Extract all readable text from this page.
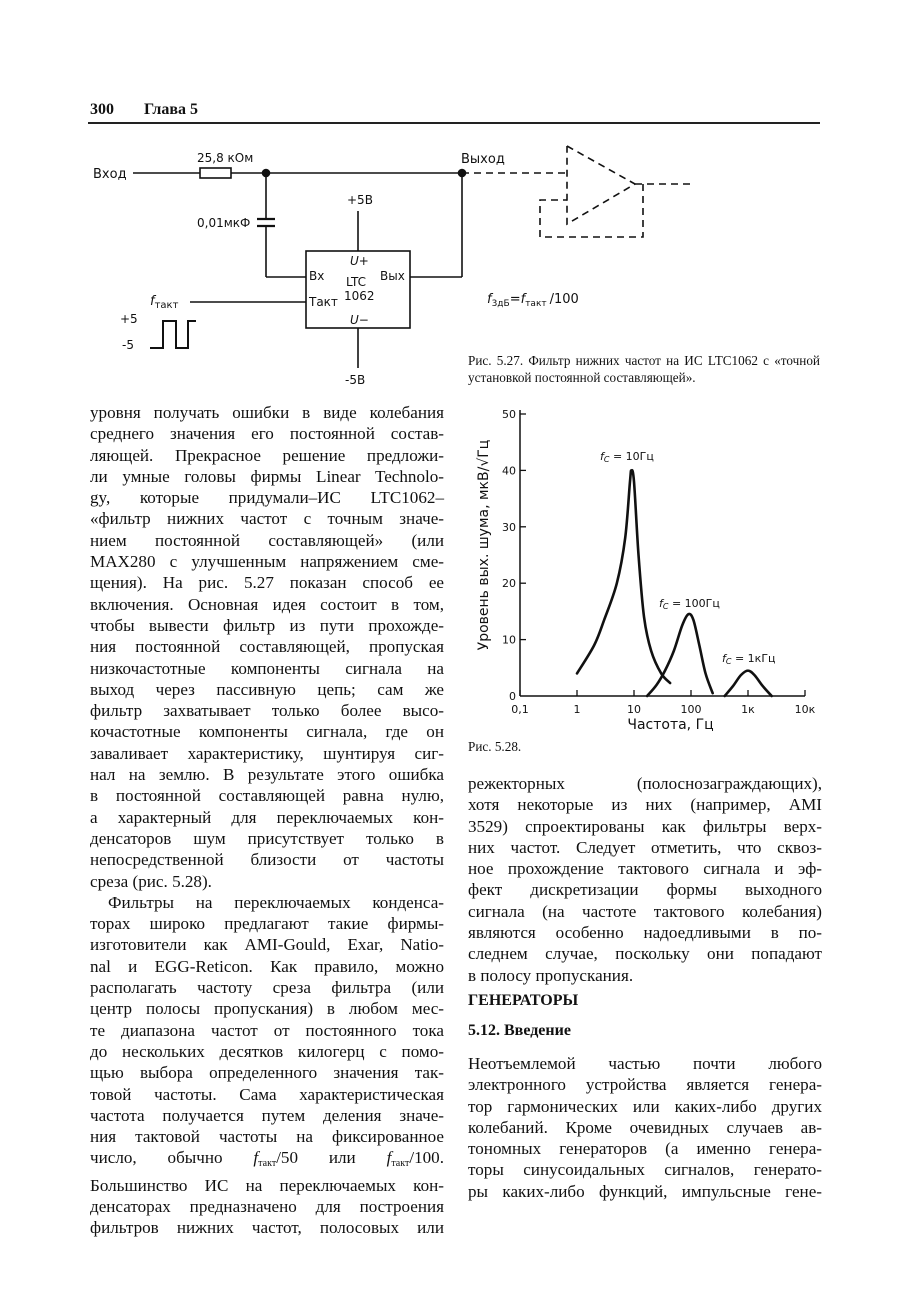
300 Глава 5
Вход
25,8 кОм	Выход
0,01мкФ
+5В
-5В
U+
U−
Вх
Такт
Вых
LTC
1062
$f_{такт}$
+5
-5
$f_{3дБ}=f_{такт}$ /100
Рис. 5.27. Фильтр нижних частот на ИС LTC1062 с «точной установкой постоянной составляющей».
0,1	1	10	100	1к	10к
0
10
20
30
40
50
Частота, Гц
Уровень вых. шума, мкВ/√Гц	fC = 10Гц
fC = 100Гц
fC = 1кГц
Рис. 5.28.
уровня получать ошибки в виде колебания
среднего значения его постоянной состав-
ляющей. Прекрасное решение предложи-
ли умные головы фирмы Linear Technolo-
gy, которые придумали–ИС LTC1062–
«фильтр нижних частот с точным значе-
нием постоянной составляющей» (или
MAX280 с улучшенным напряжением сме-
щения). На рис. 5.27 показан способ ее
включения. Основная идея состоит в том,
чтобы вывести фильтр из пути прохожде-
ния постоянной составляющей, пропуская
низкочастотные компоненты сигнала на
выход через пассивную цепь; сам же
фильтр захватывает только более высо-
кочастотные компоненты сигнала, где он
заваливает характеристику, шунтируя сиг-
нал на землю. В результате этого ошибка
в постоянной составляющей равна нулю,
а характерный для переключаемых кон-
денсаторов шум присутствует только в
непосредственной близости от частоты
среза (рис. 5.28).
Фильтры на переключаемых конденса-
торах широко предлагают такие фирмы-
изготовители как AMI-Gould, Exar, Natio-
nal и EGG-Reticon. Как правило, можно
располагать частоту среза фильтра (или
центр полосы пропускания) в любом мес-
те диапазона частот от постоянного тока
до нескольких десятков килогерц с помо-
щью выбора определенного значения так-
товой частоты. Сама характеристическая
частота получается путем деления значе-
ния тактовой частоты на фиксированное
число, обычно $f_{такт}/50$ или $f_{такт}/100$.
Большинство ИС на переключаемых кон-
денсаторах предназначено для построения
фильтров нижних частот, полосовых или
режекторных (полоснозаграждающих),
хотя некоторые из них (например, AMI
3529) спроектированы как фильтры верх-
них частот. Следует отметить, что сквоз-
ное прохождение тактового сигнала и эф-
фект дискретизации формы выходного
сигнала (на частоте тактового колебания)
являются особенно надоедливыми в по-
следнем случае, поскольку они попадают
в полосу пропускания.
ГЕНЕРАТОРЫ
5.12. Введение
Неотъемлемой частью почти любого
электронного устройства является генера-
тор гармонических или каких-либо других
колебаний. Кроме очевидных случаев ав-
тономных генераторов (а именно генера-
торы синусоидальных сигналов, генерато-
ры каких-либо функций, импульсные гене-
